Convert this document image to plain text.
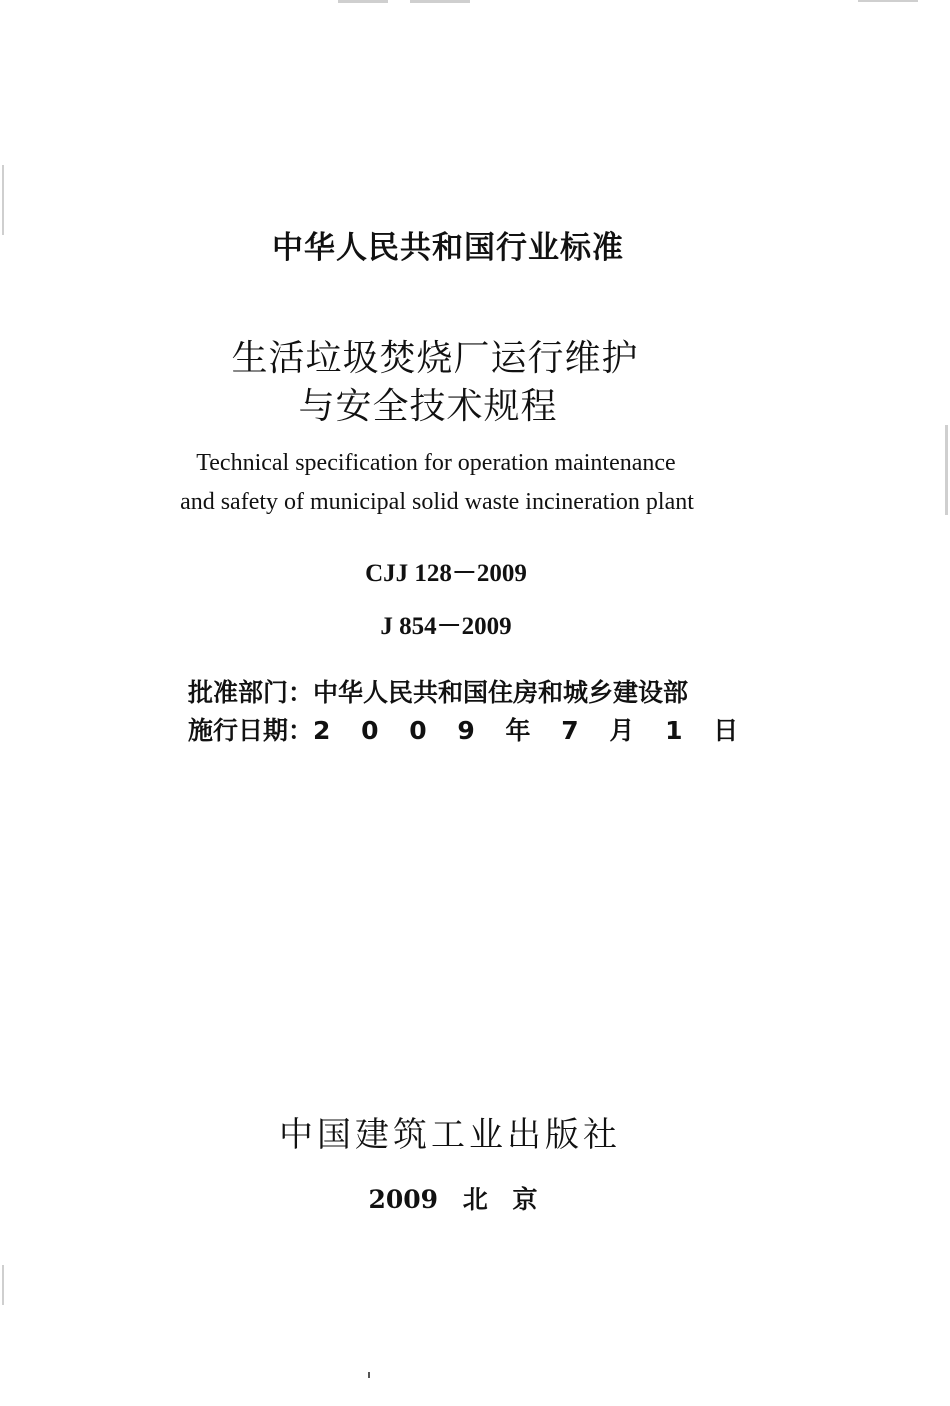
中华人民共和国行业标准
生活垃圾焚烧厂运行维护
与安全技术规程
Technical specification for operation maintenance
and safety of municipal solid waste incineration plant
CJJ 128－2009
J 854－2009
批准部门：中华人民共和国住房和城乡建设部
施行日期：2 0 0 9 年 7 月 1 日
中国建筑工业出版社
2009 北 京
